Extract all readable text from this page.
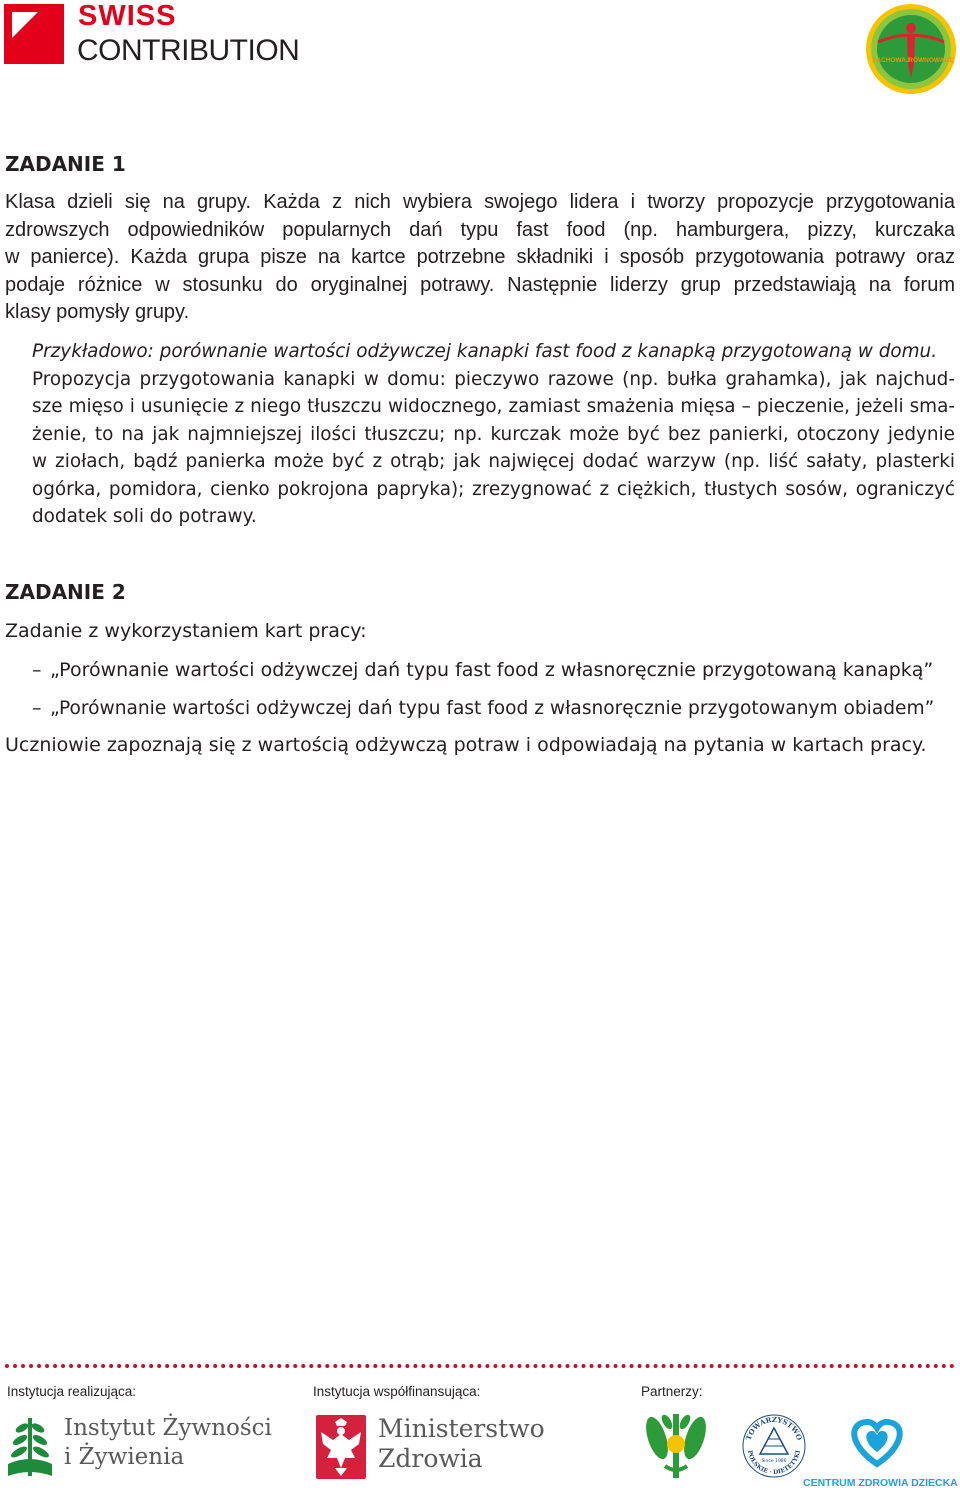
SWISS
CONTRIBUTION	ZACHOWAJ
RÓWNOWAGĘ
ZADANIE 1
Klasa dzieli się na grupy. Każda z nich wybiera swojego lidera i tworzy propozycje przygotowania
zdrowszych odpowiedników popularnych dań typu fast food (np. hamburgera, pizzy, kurczaka
w panierce). Każda grupa pisze na kartce potrzebne składniki i sposób przygotowania potrawy oraz
podaje różnice w stosunku do oryginalnej potrawy. Następnie liderzy grup przedstawiają na forum
klasy pomysły grupy.
Przykładowo: porównanie wartości odżywczej kanapki fast food z kanapką przygotowaną w domu.
Propozycja przygotowania kanapki w domu: pieczywo razowe (np. bułka grahamka), jak najchud-
sze mięso i usunięcie z niego tłuszczu widocznego, zamiast smażenia mięsa – pieczenie, jeżeli sma-
żenie, to na jak najmniejszej ilości tłuszczu; np. kurczak może być bez panierki, otoczony jedynie
w ziołach, bądź panierka może być z otrąb; jak najwięcej dodać warzyw (np. liść sałaty, plasterki
ogórka, pomidora, cienko pokrojona papryka); zrezygnować z ciężkich, tłustych sosów, ograniczyć
dodatek soli do potrawy.
ZADANIE 2
Zadanie z wykorzystaniem kart pracy:
– „Porównanie wartości odżywczej dań typu fast food z własnoręcznie przygotowaną kanapką”
– „Porównanie wartości odżywczej dań typu fast food z własnoręcznie przygotowanym obiadem”
Uczniowie zapoznają się z wartością odżywczą potraw i odpowiadają na pytania w kartach pracy.
Instytucja realizująca:	Instytucja współfinansująca:	Partnerzy:
Instytut Żywności
i Żywienia
Ministerstwo
Zdrowia
TOWARZYSTWO
POLSKIE · DIETETYKI
Since 1986
CENTRUM ZDROWIA DZIECKA
